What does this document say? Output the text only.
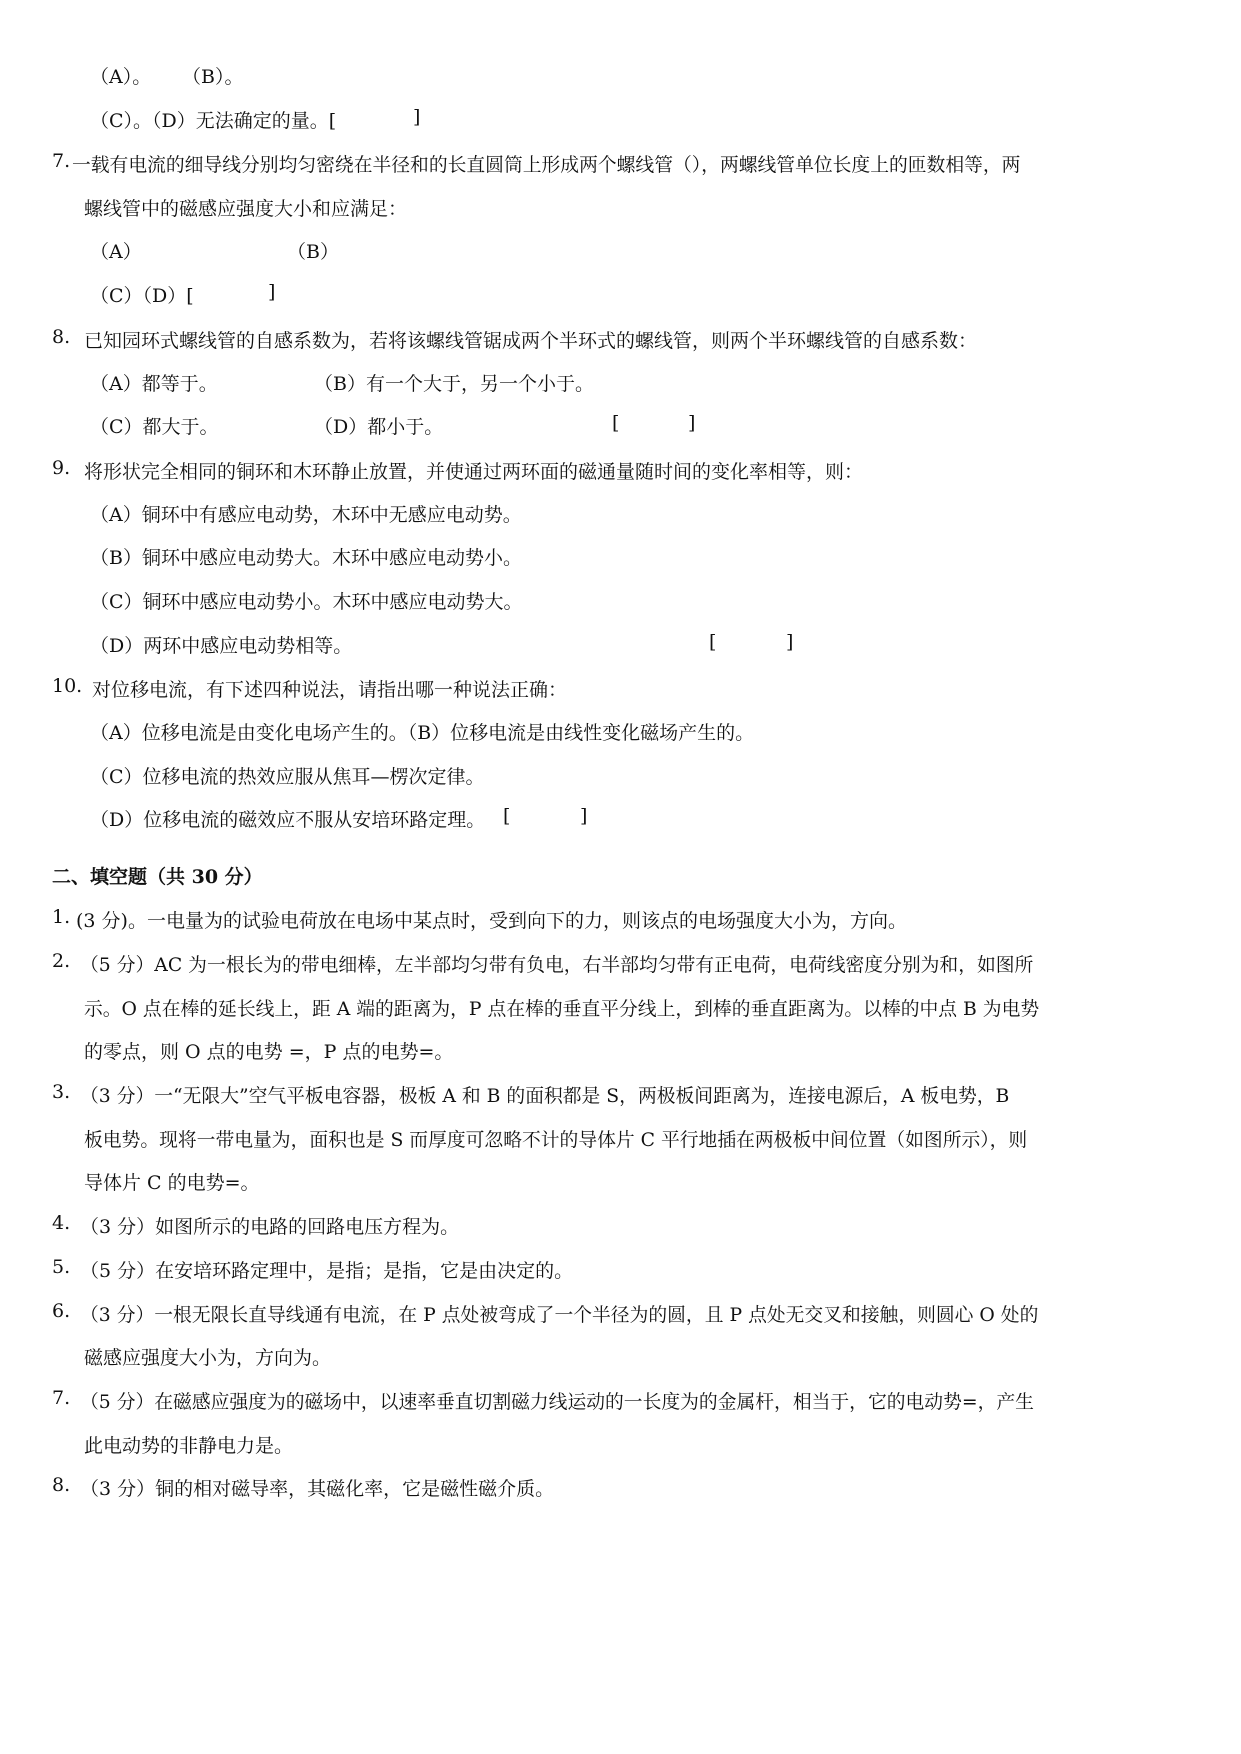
（A）。 （B）。
（C）。（D）无法确定的量。[	]
7. 一载有电流的细导线分别均匀密绕在半径和的长直圆筒上形成两个螺线管（），两螺线管单位长度上的匝数相等，两
螺线管中的磁感应强度大小和应满足：
（A）	（B）
（C）（D）[	]
8. 已知园环式螺线管的自感系数为，若将该螺线管锯成两个半环式的螺线管，则两个半环螺线管的自感系数：
（A）都等于。	（B）有一个大于，另一个小于。
（C）都大于。	（D）都小于。	[	]
9. 将形状完全相同的铜环和木环静止放置，并使通过两环面的磁通量随时间的变化率相等，则：
（A）铜环中有感应电动势，木环中无感应电动势。
（B）铜环中感应电动势大。木环中感应电动势小。
（C）铜环中感应电动势小。木环中感应电动势大。
（D）两环中感应电动势相等。	[	]
10. 对位移电流，有下述四种说法，请指出哪一种说法正确：
（A）位移电流是由变化电场产生的。（B）位移电流是由线性变化磁场产生的。
（C）位移电流的热效应服从焦耳—楞次定律。
（D）位移电流的磁效应不服从安培环路定理。 [	]
二、填空题（共 30 分）
1. (3 分)。一电量为的试验电荷放在电场中某点时，受到向下的力，则该点的电场强度大小为，方向。
2. （5 分）AC 为一根长为的带电细棒，左半部均匀带有负电，右半部均匀带有正电荷，电荷线密度分别为和，如图所
示。O 点在棒的延长线上，距 A 端的距离为，P 点在棒的垂直平分线上，到棒的垂直距离为。以棒的中点 B 为电势
的零点，则 O 点的电势 =，P 点的电势=。
3. （3 分）一“无限大”空气平板电容器，极板 A 和 B 的面积都是 S，两极板间距离为，连接电源后，A 板电势，B
板电势。现将一带电量为，面积也是 S 而厚度可忽略不计的导体片 C 平行地插在两极板中间位置（如图所示），则
导体片 C 的电势=。
4. （3 分）如图所示的电路的回路电压方程为。
5. （5 分）在安培环路定理中，是指；是指，它是由决定的。
6. （3 分）一根无限长直导线通有电流，在 P 点处被弯成了一个半径为的圆，且 P 点处无交叉和接触，则圆心 O 处的
磁感应强度大小为，方向为。
7. （5 分）在磁感应强度为的磁场中，以速率垂直切割磁力线运动的一长度为的金属杆，相当于，它的电动势=，产生
此电动势的非静电力是。
8. （3 分）铜的相对磁导率，其磁化率，它是磁性磁介质。
